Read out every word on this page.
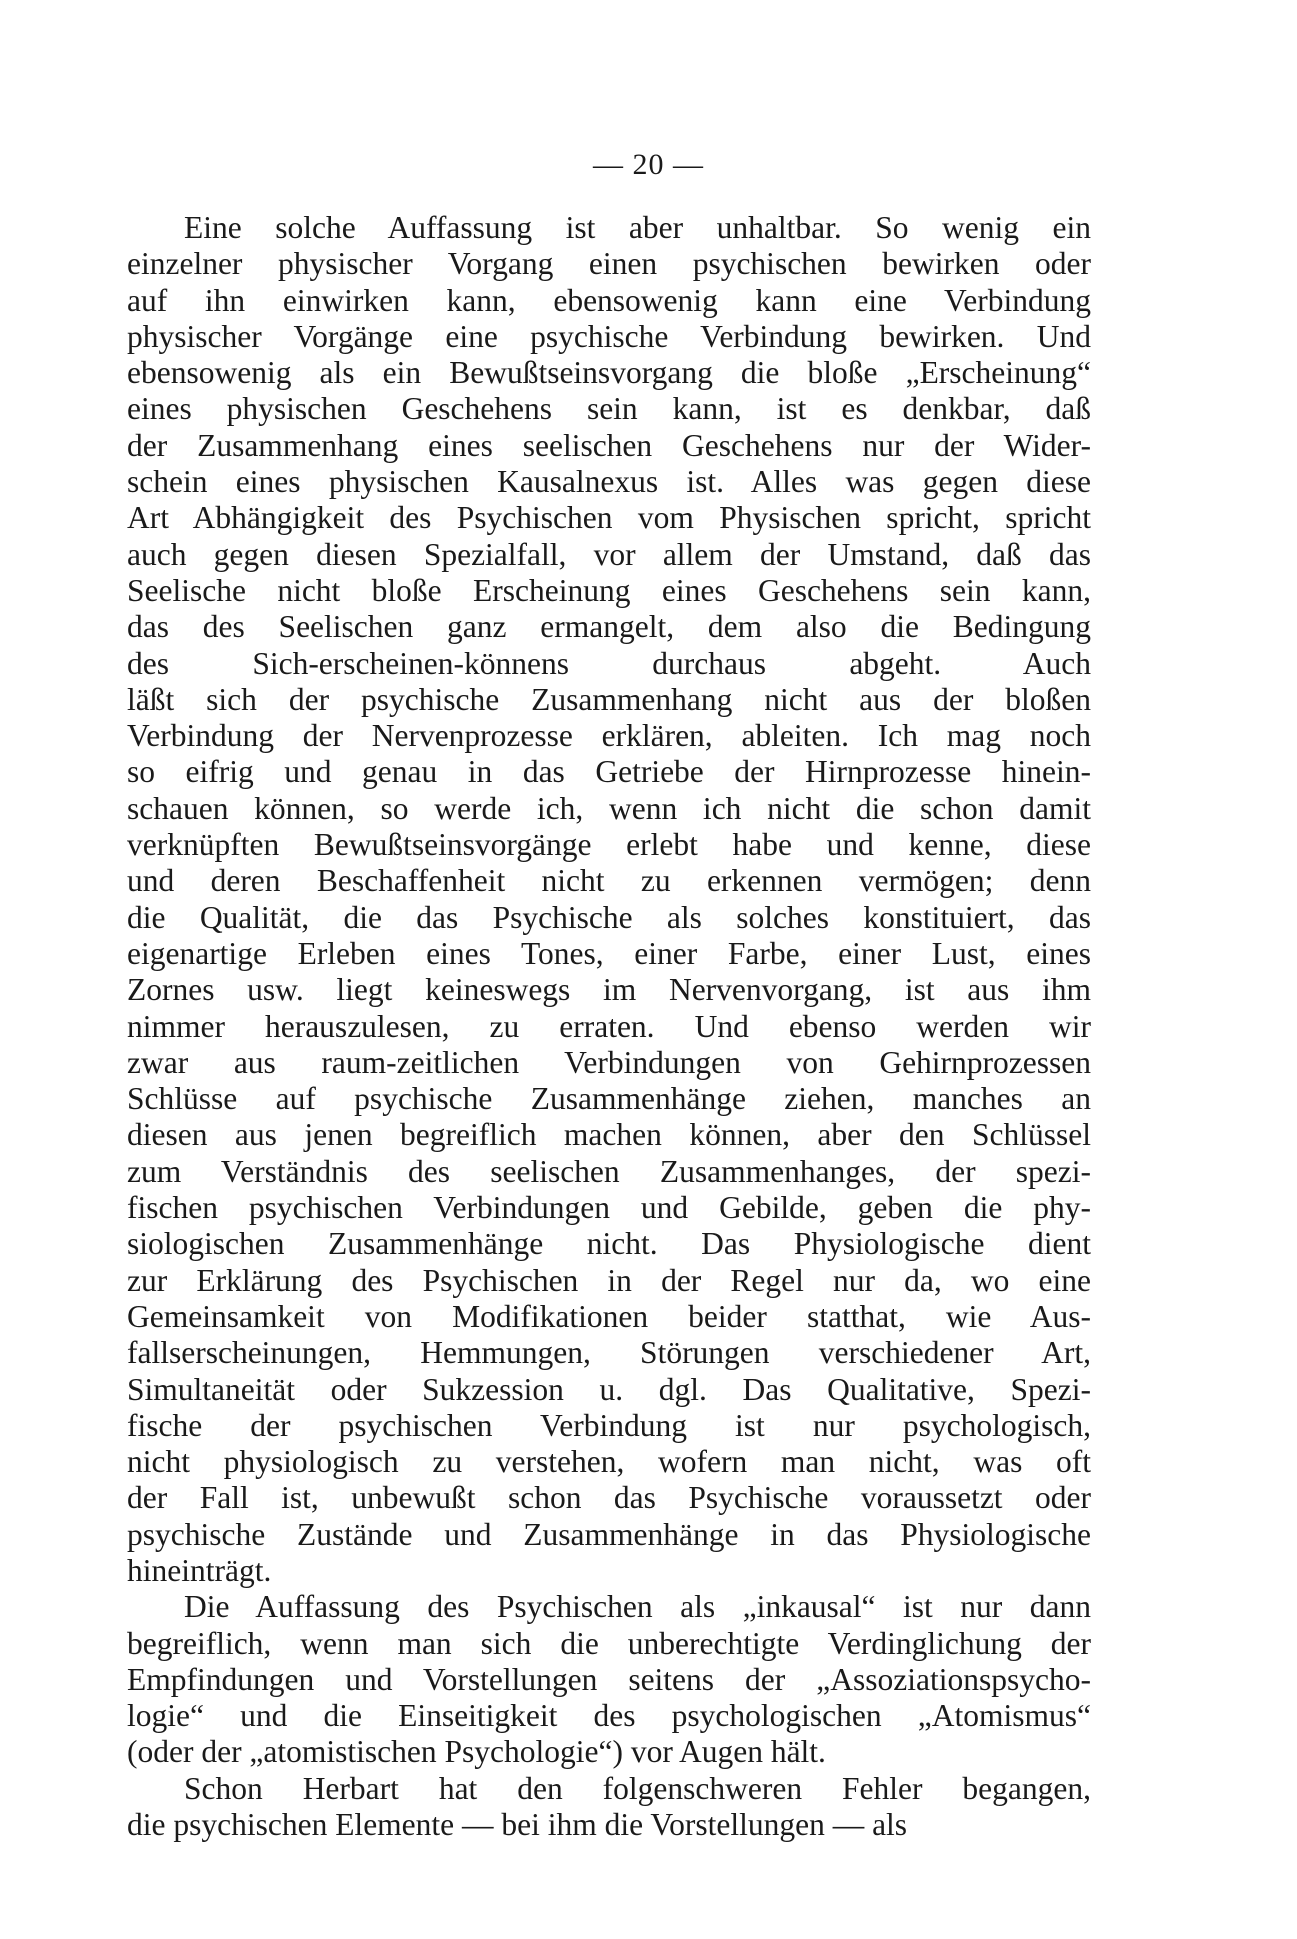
— 20 —
Eine solche Auffassung ist aber unhaltbar. So wenig ein
einzelner physischer Vorgang einen psychischen bewirken oder
auf ihn einwirken kann, ebensowenig kann eine Verbindung
physischer Vorgänge eine psychische Verbindung bewirken. Und
ebensowenig als ein Bewußtseinsvorgang die bloße „Erscheinung“
eines physischen Geschehens sein kann, ist es denkbar, daß
der Zusammenhang eines seelischen Geschehens nur der Wider-
schein eines physischen Kausalnexus ist. Alles was gegen diese
Art Abhängigkeit des Psychischen vom Physischen spricht, spricht
auch gegen diesen Spezialfall, vor allem der Umstand, daß das
Seelische nicht bloße Erscheinung eines Geschehens sein kann,
das des Seelischen ganz ermangelt, dem also die Bedingung
des Sich-erscheinen-könnens durchaus abgeht. Auch
läßt sich der psychische Zusammenhang nicht aus der bloßen
Verbindung der Nervenprozesse erklären, ableiten. Ich mag noch
so eifrig und genau in das Getriebe der Hirnprozesse hinein-
schauen können, so werde ich, wenn ich nicht die schon damit
verknüpften Bewußtseinsvorgänge erlebt habe und kenne, diese
und deren Beschaffenheit nicht zu erkennen vermögen; denn
die Qualität, die das Psychische als solches konstituiert, das
eigenartige Erleben eines Tones, einer Farbe, einer Lust, eines
Zornes usw. liegt keineswegs im Nervenvorgang, ist aus ihm
nimmer herauszulesen, zu erraten. Und ebenso werden wir
zwar aus raum-zeitlichen Verbindungen von Gehirnprozessen
Schlüsse auf psychische Zusammenhänge ziehen, manches an
diesen aus jenen begreiflich machen können, aber den Schlüssel
zum Verständnis des seelischen Zusammenhanges, der spezi-
fischen psychischen Verbindungen und Gebilde, geben die phy-
siologischen Zusammenhänge nicht. Das Physiologische dient
zur Erklärung des Psychischen in der Regel nur da, wo eine
Gemeinsamkeit von Modifikationen beider statthat, wie Aus-
fallserscheinungen, Hemmungen, Störungen verschiedener Art,
Simultaneität oder Sukzession u. dgl. Das Qualitative, Spezi-
fische der psychischen Verbindung ist nur psychologisch,
nicht physiologisch zu verstehen, wofern man nicht, was oft
der Fall ist, unbewußt schon das Psychische voraussetzt oder
psychische Zustände und Zusammenhänge in das Physiologische
hineinträgt.
Die Auffassung des Psychischen als „inkausal“ ist nur dann
begreiflich, wenn man sich die unberechtigte Verdinglichung der
Empfindungen und Vorstellungen seitens der „Assoziationspsycho-
logie“ und die Einseitigkeit des psychologischen „Atomismus“
(oder der „atomistischen Psychologie“) vor Augen hält.
Schon Herbart hat den folgenschweren Fehler begangen,
die psychischen Elemente — bei ihm die Vorstellungen — als
